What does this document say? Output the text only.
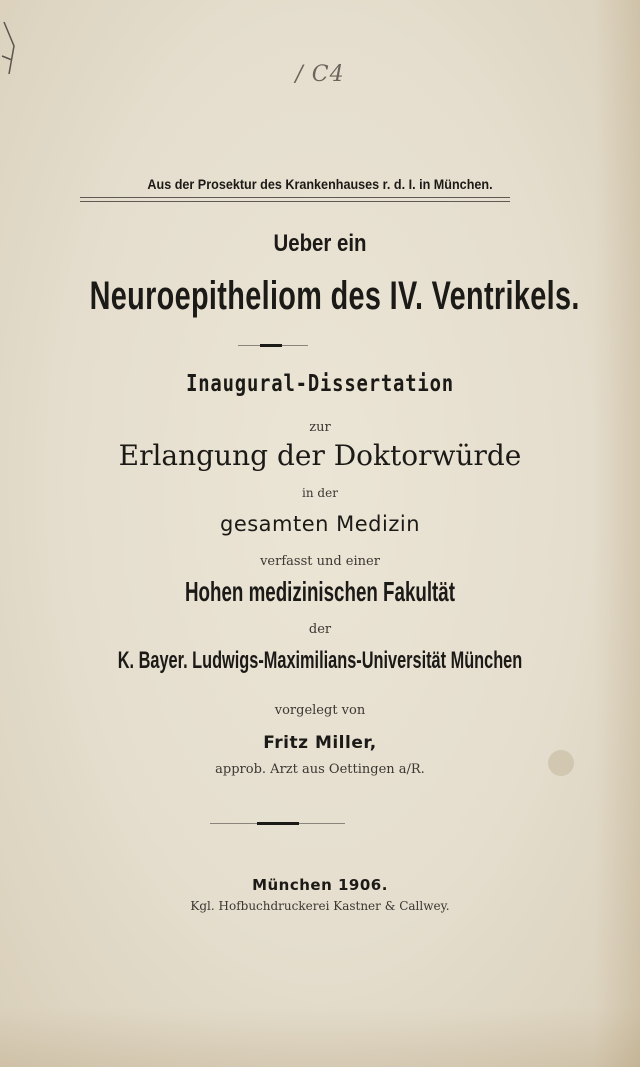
/ C4
Aus der Prosektur des Krankenhauses r. d. I. in München.
Ueber ein
Neuroepitheliom des IV. Ventrikels.
Inaugural-Dissertation
zur
Erlangung der Doktorwürde
in der
gesamten Medizin
verfasst und einer
Hohen medizinischen Fakultät
der
K. Bayer. Ludwigs-Maximilians-Universität München
vorgelegt von
Fritz Miller,
approb. Arzt aus Oettingen a/R.
München 1906.
Kgl. Hofbuchdruckerei Kastner & Callwey.
